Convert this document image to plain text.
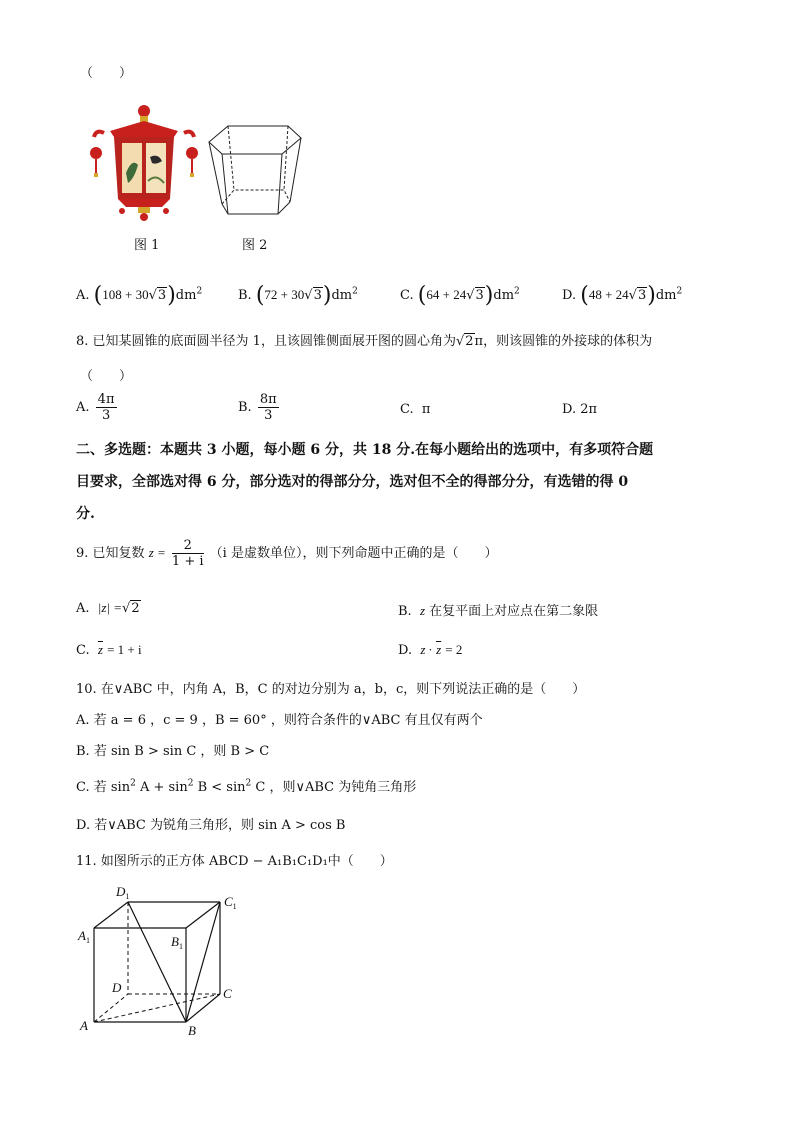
（　　）
图 1	图 2
A. $(108 + 30√3)dm^2$	B. $(72 + 30√3)dm^2$	C. $(64 + 24√3)dm^2$	D. $(48 + 24√3)dm^2$
8. 已知某圆锥的底面圆半径为 1，且该圆锥侧面展开图的圆心角为√2π，则该圆锥的外接球的体积为
（　　）
A. $\frac{4\pi}{3}$	B. $\frac{8\pi}{3}$	C. π	D. 2π
二、多选题：本题共 3 小题，每小题 6 分，共 18 分.在每小题给出的选项中，有多项符合题
目要求，全部选对得 6 分，部分选对的得部分分，选对但不全的得部分分，有选错的得 0
分.
9. 已知复数 $z = \frac{2}{1 + i} (i$ 是虚数单位），则下列命题中正确的是（　　）
A. |z| =√2	B. z 在复平面上对应点在第二象限
C. $\overline{z} = 1 + i$	D. $z \cdot \overline{z} = 2$
10. 在∨ABC 中，内角 A，B，C 的对边分别为 a，b，c，则下列说法正确的是（　　）
A. 若 a = 6 ，c = 9 ，B = 60° ，则符合条件的∨ABC 有且仅有两个
B. 若 sin B > sin C ，则 B > C
C. 若 $\sin^2 A + \sin^2 B < \sin^2 C$ ，则∨ABC 为钝角三角形
D. 若∨ABC 为锐角三角形，则 sin A > cos B
11. 如图所示的正方体 ABCD − A₁B₁C₁D₁中（　　）
$D_1$	$C_1$
$A_1$	$B_1$
D	C
A	B
